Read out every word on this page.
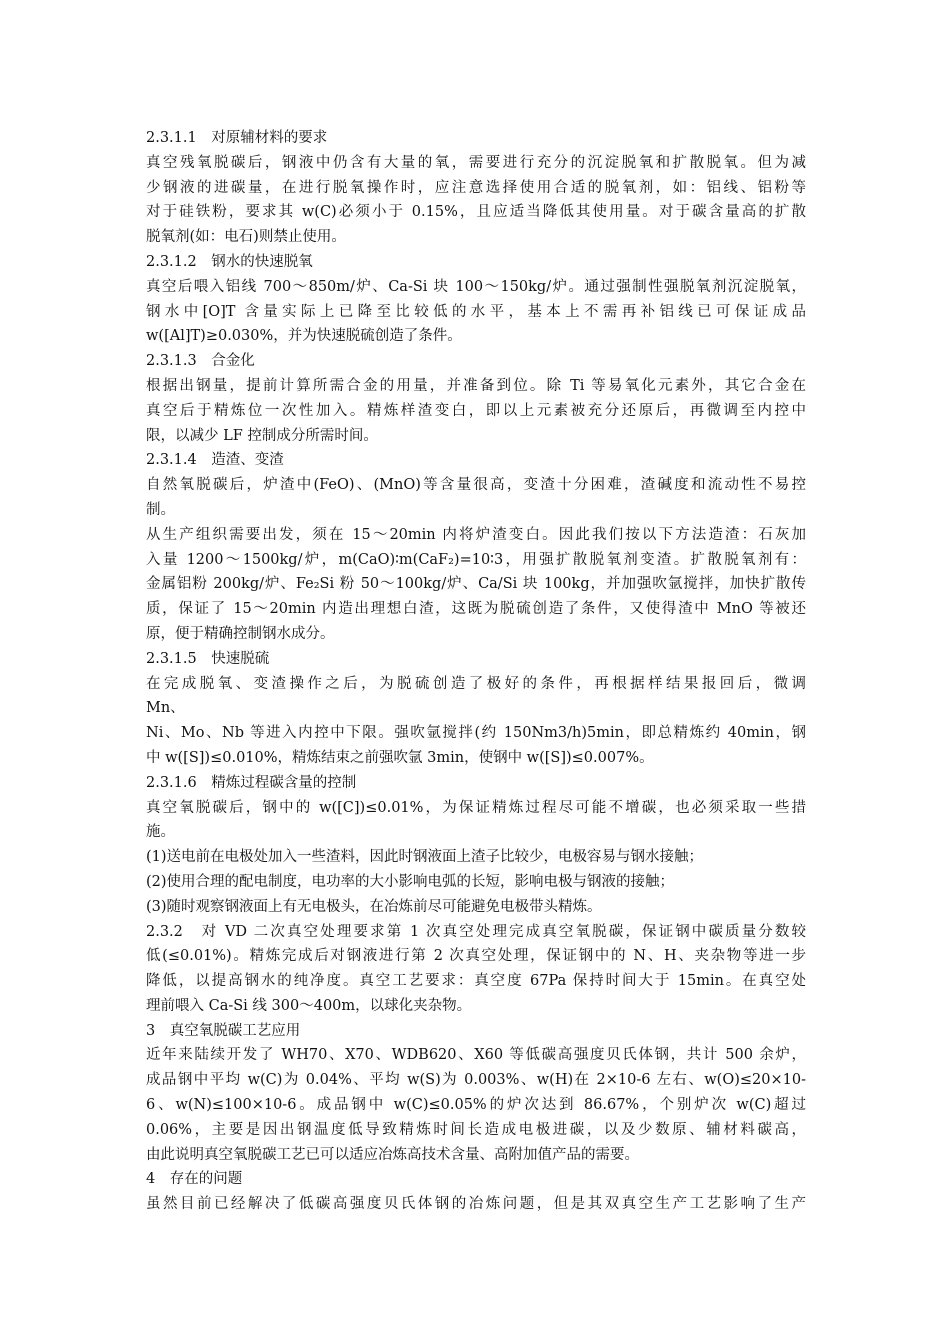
2.3.1.1　对原辅材料的要求
真空残氧脱碳后，钢液中仍含有大量的氧，需要进行充分的沉淀脱氧和扩散脱氧。但为减
少钢液的进碳量，在进行脱氧操作时，应注意选择使用合适的脱氧剂，如：铝线、铝粉等
对于硅铁粉，要求其 w(C)必须小于 0.15%，且应适当降低其使用量。对于碳含量高的扩散
脱氧剂(如：电石)则禁止使用。
2.3.1.2　钢水的快速脱氧
真空后喂入铝线 700～850m/炉、Ca-Si 块 100～150kg/炉。通过强制性强脱氧剂沉淀脱氧，
钢水中[O]T 含量实际上已降至比较低的水平，基本上不需再补铝线已可保证成品
w([Al]T)≥0.030%，并为快速脱硫创造了条件。
2.3.1.3　合金化
根据出钢量，提前计算所需合金的用量，并准备到位。除 Ti 等易氧化元素外，其它合金在
真空后于精炼位一次性加入。精炼样渣变白，即以上元素被充分还原后，再微调至内控中
限，以减少 LF 控制成分所需时间。
2.3.1.4　造渣、变渣
自然氧脱碳后，炉渣中(FeO)、(MnO)等含量很高，变渣十分困难，渣碱度和流动性不易控
制。
从生产组织需要出发，须在 15～20min 内将炉渣变白。因此我们按以下方法造渣：石灰加
入量 1200～1500kg/炉，m(CaO)∶m(CaF₂)=10∶3，用强扩散脱氧剂变渣。扩散脱氧剂有：
金属铝粉 200kg/炉、Fe₂Si 粉 50～100kg/炉、Ca/Si 块 100kg，并加强吹氩搅拌，加快扩散传
质，保证了 15～20min 内造出理想白渣，这既为脱硫创造了条件，又使得渣中 MnO 等被还
原，便于精确控制钢水成分。
2.3.1.5　快速脱硫
在完成脱氧、变渣操作之后，为脱硫创造了极好的条件，再根据样结果报回后，微调
Mn、
Ni、Mo、Nb 等进入内控中下限。强吹氩搅拌(约 150Nm3/h)5min，即总精炼约 40min，钢
中 w([S])≤0.010%，精炼结束之前强吹氩 3min，使钢中 w([S])≤0.007%。
2.3.1.6　精炼过程碳含量的控制
真空氧脱碳后，钢中的 w([C])≤0.01%，为保证精炼过程尽可能不增碳，也必须采取一些措
施。
(1)送电前在电极处加入一些渣料，因此时钢液面上渣子比较少，电极容易与钢水接触；
(2)使用合理的配电制度，电功率的大小影响电弧的长短，影响电极与钢液的接触；
(3)随时观察钢液面上有无电极头，在冶炼前尽可能避免电极带头精炼。
2.3.2　对 VD 二次真空处理要求第 1 次真空处理完成真空氧脱碳，保证钢中碳质量分数较
低(≤0.01%)。精炼完成后对钢液进行第 2 次真空处理，保证钢中的 N、H、夹杂物等进一步
降低，以提高钢水的纯净度。真空工艺要求：真空度 67Pa 保持时间大于 15min。在真空处
理前喂入 Ca-Si 线 300～400m，以球化夹杂物。
3　真空氧脱碳工艺应用
近年来陆续开发了 WH70、X70、WDB620、X60 等低碳高强度贝氏体钢，共计 500 余炉，
成品钢中平均 w(C)为 0.04%、平均 w(S)为 0.003%、w(H)在 2×10-6 左右、w(O)≤20×10-
6、w(N)≤100×10-6。成品钢中 w(C)≤0.05%的炉次达到 86.67%，个别炉次 w(C)超过
0.06%，主要是因出钢温度低导致精炼时间长造成电极进碳，以及少数原、辅材料碳高，
由此说明真空氧脱碳工艺已可以适应冶炼高技术含量、高附加值产品的需要。
4　存在的问题
虽然目前已经解决了低碳高强度贝氏体钢的冶炼问题，但是其双真空生产工艺影响了生产
